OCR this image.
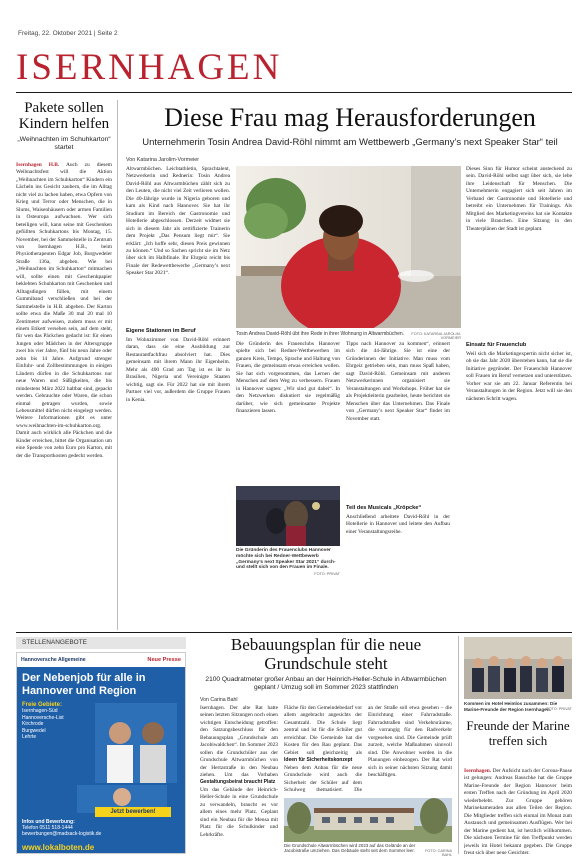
Freitag, 22. Oktober 2021 | Seite 2
ISERNHAGEN
Pakete sollen Kindern helfen
„Weihnachten im Schuhkarton“ startet
Isernhagen H.B. Auch zu diesem Weihnachtsfest will die Aktion „Weihnachten im Schuhkarton“ Kindern ein Lächeln ins Gesicht zaubern, die im Alltag nicht viel zu lachen haben, etwa Opfern von Krieg und Terror oder Menschen, die in Slums, Waisenhäusern oder armen Familien in Osteuropa aufwachsen. Wer sich beteiligen will, kann seine mit Geschenken gefüllten Schuhkartons bis Montag, 15. November, bei der Sammelstelle in Zentrum von Isernhagen H.B., beim Physiotherapeuten Edgar Job, Burgwedeler Straße 136a, abgeben. Wie bei „Weihnachten im Schuhkarton“ mitmachen will, sollte einen mit Geschenkpapier beklebten Schuhkarton mit Geschenken und Alltagsdingen füllen, mit einem Gummiband verschließen und bei der Sammelstelle in H.B. abgeben. Der Karton sollte etwa die Maße 30 mal 20 mal 10 Zentimeter aufweisen, zudem muss er mit einem Etikett versehen sein, auf dem steht, für wen das Päckchen gedacht ist: für einen Jungen oder Mädchen in der Altersgruppe zwei bis vier Jahre, fünf bis neun Jahre oder zehn bis 14 Jahre. Aufgrund strenger Einfuhr- und Zollbestimmungen in einigen Ländern dürfen in die Schuhkartons nur neue Waren und Süßigkeiten, die bis mindestens März 2022 haltbar sind, gepackt werden. Gebrauchte oder Waren, die schon einmal getragen wurden, sowie Lebensmittel dürfen nicht eingelegt werden. Weitere Informationen gibt es unter www.weihnachten-im-schuhkarton.org. Damit auch wirklich alle Päckchen und die Kinder erreichen, bittet die Organisation um eine Spende von zehn Euro pro Karton, mit der die Transportkosten gedeckt werden.
Diese Frau mag Herausforderungen
Unternehmerin Tosin Andrea David-Röhl nimmt am Wettbewerb „Germany’s next Speaker Star“ teil
Von Katarina Jarolim-Vormeier
Altwarmbüchen. Leichtathletin, Sprachtalent, Netzwerkerin und Rednerin: Tosin Andrea David-Röhl aus Altwarmbüchen zählt sich zu den Leuten, die nicht viel Zeit verlieren wollen. Die 40-Jährige wurde in Nigeria geboren und kam als Kind nach Hannover. Sie hat ihr Studium im Bereich der Gastronomie und Hotellerie abgeschlossen. Derzeit widmet sie sich in diesem Jahr als zertifizierte Trainerin dem Projekt „Das Pensum liegt mir“. Sie erklärt: „Ich hoffe sehr, diesen Preis gewinnen zu können.“ Und so Sachen spricht sie im Netz über sich im Halbfinale. Ihr Ehrgeiz reicht bis Finale der Redewettbewerbe „Germany’s next Speaker Star 2021“.
Eigene Stationen im Beruf
Im Wohnzimmer von David-Röhl erinnert daran, dass sie eine Ausbildung zur Restaurantfachfrau absolviert hat. Dies gemeinsam mit ihrem Mann ihr Eigenheim. Mehr als 400 Grad am Tag ist es ihr in Brasilien, Nigeria und Vereinigte Staaten wichtig, sagt sie. Für 2022 hat sie mit ihrem Partner viel vor, außerdem die Gruppe Frauen in Kenia.
Tosin Andrea David-Röhl übt ihre Rede in ihrer Wohnung in Altwarmbüchen.	FOTO: KATARINA JAROLIM-VORMEIER
Die Gründerin des Frauenclubs Hannover spielte sich bei Redner-Wettbewerben im ganzen Kreis, Tempo, Sprache und Haltung von Frauen, die gemeinsam etwas erreichen wollen. Sie hat sich vorgenommen, das Lernen der Menschen auf dem Weg zu verbessern. Frauen in Hannover sagten: „Wir sind gut dabei“. In den Netzwerken diskutiert sie regelmäßig darüber, wie sich gemeinsame Projekte finanzieren lassen.
Die Gründerin des Frauenclubs Hannover möchte sich bei Redner-Wettbewerb „Germany’s next Speaker Star 2021“ durch- und stellt sich von den Frauen im Finale.
FOTO: PRIVAT
Tipps nach Hannover zu kommen“, erinnert sich die 44-Jährige. Sie ist eine der Gründerinnen der Initiative. Man muss vom Ehrgeiz getrieben sein, man muss Spaß haben, sagt David-Röhl. Gemeinsam mit anderen Netzwerkerinnen organisiert sie Veranstaltungen und Workshops. Früher hat sie als Projektleiterin gearbeitet, heute berichtet sie Menschen über das Unternehmen. Das Finale von „Germany’s next Speaker Star“ findet im November statt.
Teil des Musicals „Kröpcke“
Anschließend arbeitete David-Röhl in der Hotellerie in Hannover und leitete den Aufbau einer Veranstaltungsreihe.
Dieses Sinn für Humor scheint ansteckend zu sein. David-Röhl selbst sagt über sich, sie lebe ihre Leidenschaft für Menschen. Die Unternehmerin engagiert sich seit Jahren im Verband der Gastronomie und Hotellerie und betreibt ein Unternehmen für Trainings. Als Mitglied des Marketingvereins hat sie Kontakte in viele Branchen. Eine Sitzung in den Theaterplänen der Stadt ist geplant.
Einsatz für Frauenclub
Weil sich die Marketingexpertin nicht sicher ist, ob sie das Jahr 2020 überstehen kann, hat sie die Initiative gegründet. Der Frauenclub Hannover soll Frauen im Beruf vernetzen und unterstützen. Vorher war sie am 22. Januar Referentin bei Veranstaltungen in der Region. Jetzt will sie den nächsten Schritt wagen.
STELLENANGEBOTE
Hannoversche Allgemeine	Neue Presse
Der Nebenjob für alle in Hannover und Region
Freie Gebiete:
Isernhagen-Süd
Hannoversche-List
Kirchrode
Burgwedel
Lehrte
Jetzt bewerben!
Infos und Bewerbung:
Telefon 0511 518-1444
bewerbungen@madsack-logistik.de
www.lokalboten.de
Bebauungsplan für die neue Grundschule steht
2100 Quadratmeter großer Anbau an der Heinrich-Heller-Schule in Altwarmbüchen geplant / Umzug soll im Sommer 2023 stattfinden
Von Carina Bahl
Isernhagen. Der alte Rat hatte seinen letzten Sitzungen noch einen wichtigen Entscheidung getroffen: den Satzungsbeschluss für den Bebauungsplan „Grundschule am Jacobiwaldchen“. Im Sommer 2023 sollen die Grundschüler aus der Grundschule Altwarmbüchen von der Hertzstraße in den Neubau ziehen. Um das Vorhaben
Gestaltungsbeirat braucht Platz
Um das Gebäude der Heinrich-Heller-Schule in eine Grundschule zu verwandeln, braucht es vor allem eines mehr Platz. Geplant sind ein Neubau für die Mensa mit Platz für die Schulkinder und Lehrkräfte.
Fläche für den Gemeindebedarf vor allem angebracht angesichts der Gesamtzahl. Die Schule liegt zentral und ist für die Schüler gut erreichbar. Die Gemeinde hat die Kosten für den Bau geplant. Das Gebiet soll gleichzeitig als
Ideen für Sicherheitskonzept
Neben dem Anbau für die neue Grundschule wird auch die Sicherheit der Schüler auf dem Schulweg thematisiert. Die
an der Straße soll etwa gesehen – die Einrichtung einer Fahrradstraße. Fahrradstraßen sind Verkehrsräume, die vorrangig für den Radverkehr vorgesehen sind. Die Gemeinde prüft zurzeit, welche Maßnahmen sinnvoll sind. Die Anwohner werden in die Planungen einbezogen. Der Rat wird sich in seiner nächsten Sitzung damit beschäftigen.
Die Grundschule Altwarmbüchen wird 2023 auf das Gelände an der Jacobistraße umziehen. Das Gebäude steht seit dem Sommer leer.	FOTO: CARINA BAHL
Kommen im Hotel Heimlos zusammen: Die Marine-Freunde der Region Isernhagen.
FOTO: PRIVAT
Freunde der Marine treffen sich
Isernhagen. Der Aufsicht nach der Corona-Pause ist gelungen: Andreas Bauschke hat die Gruppe Marine-Freunde der Region Hannover beim ersten Treffen nach der Gründung im April 2020 wiederbelebt. Zur Gruppe gehören Marinekameraden aus allen Teilen der Region. Die Mitglieder treffen sich einmal im Monat zum Austausch und gemeinsamen Ausflügen. Wer bei der Marine gedient hat, ist herzlich willkommen. Die nächsten Termine für den Treffpunkt werden jeweils im Hotel bekannt gegeben. Die Gruppe freut sich über neue Gesichter.
